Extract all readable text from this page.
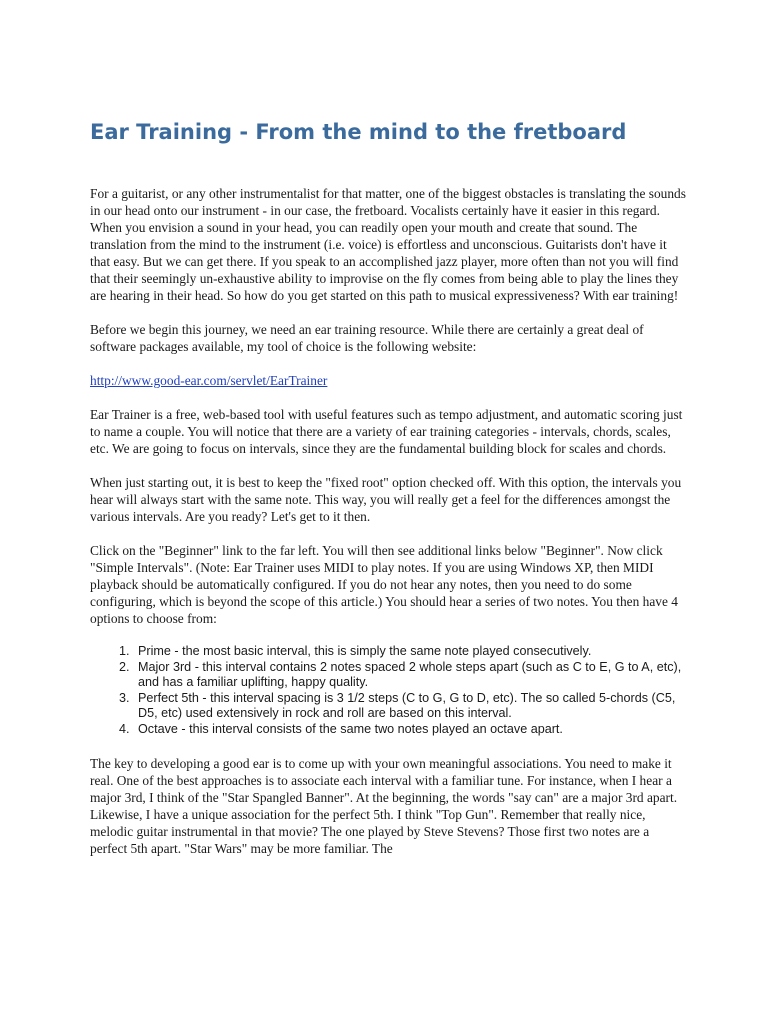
Ear Training - From the mind to the fretboard

For a guitarist, or any other instrumentalist for that matter, one of the biggest obstacles is translating the sounds in our head onto our instrument - in our case, the fretboard. Vocalists certainly have it easier in this regard. When you envision a sound in your head, you can readily open your mouth and create that sound. The translation from the mind to the instrument (i.e. voice) is effortless and unconscious. Guitarists don't have it that easy. But we can get there. If you speak to an accomplished jazz player, more often than not you will find that their seemingly un-exhaustive ability to improvise on the fly comes from being able to play the lines they are hearing in their head. So how do you get started on this path to musical expressiveness? With ear training!

Before we begin this journey, we need an ear training resource. While there are certainly a great deal of software packages available, my tool of choice is the following website:

http://www.good-ear.com/servlet/EarTrainer

Ear Trainer is a free, web-based tool with useful features such as tempo adjustment, and automatic scoring just to name a couple. You will notice that there are a variety of ear training categories - intervals, chords, scales, etc. We are going to focus on intervals, since they are the fundamental building block for scales and chords.

When just starting out, it is best to keep the "fixed root" option checked off. With this option, the intervals you hear will always start with the same note. This way, you will really get a feel for the differences amongst the various intervals. Are you ready? Let's get to it then.

Click on the "Beginner" link to the far left. You will then see additional links below "Beginner". Now click "Simple Intervals". (Note: Ear Trainer uses MIDI to play notes. If you are using Windows XP, then MIDI playback should be automatically configured. If you do not hear any notes, then you need to do some configuring, which is beyond the scope of this article.) You should hear a series of two notes. You then have 4 options to choose from:

1. Prime - the most basic interval, this is simply the same note played consecutively.
2. Major 3rd - this interval contains 2 notes spaced 2 whole steps apart (such as C to E, G to A, etc), and has a familiar uplifting, happy quality.
3. Perfect 5th - this interval spacing is 3 1/2 steps (C to G, G to D, etc). The so called 5-chords (C5, D5, etc) used extensively in rock and roll are based on this interval.
4. Octave - this interval consists of the same two notes played an octave apart.

The key to developing a good ear is to come up with your own meaningful associations. You need to make it real. One of the best approaches is to associate each interval with a familiar tune. For instance, when I hear a major 3rd, I think of the "Star Spangled Banner". At the beginning, the words "say can" are a major 3rd apart. Likewise, I have a unique association for the perfect 5th. I think "Top Gun". Remember that really nice, melodic guitar instrumental in that movie? The one played by Steve Stevens? Those first two notes are a perfect 5th apart. "Star Wars" may be more familiar. The
